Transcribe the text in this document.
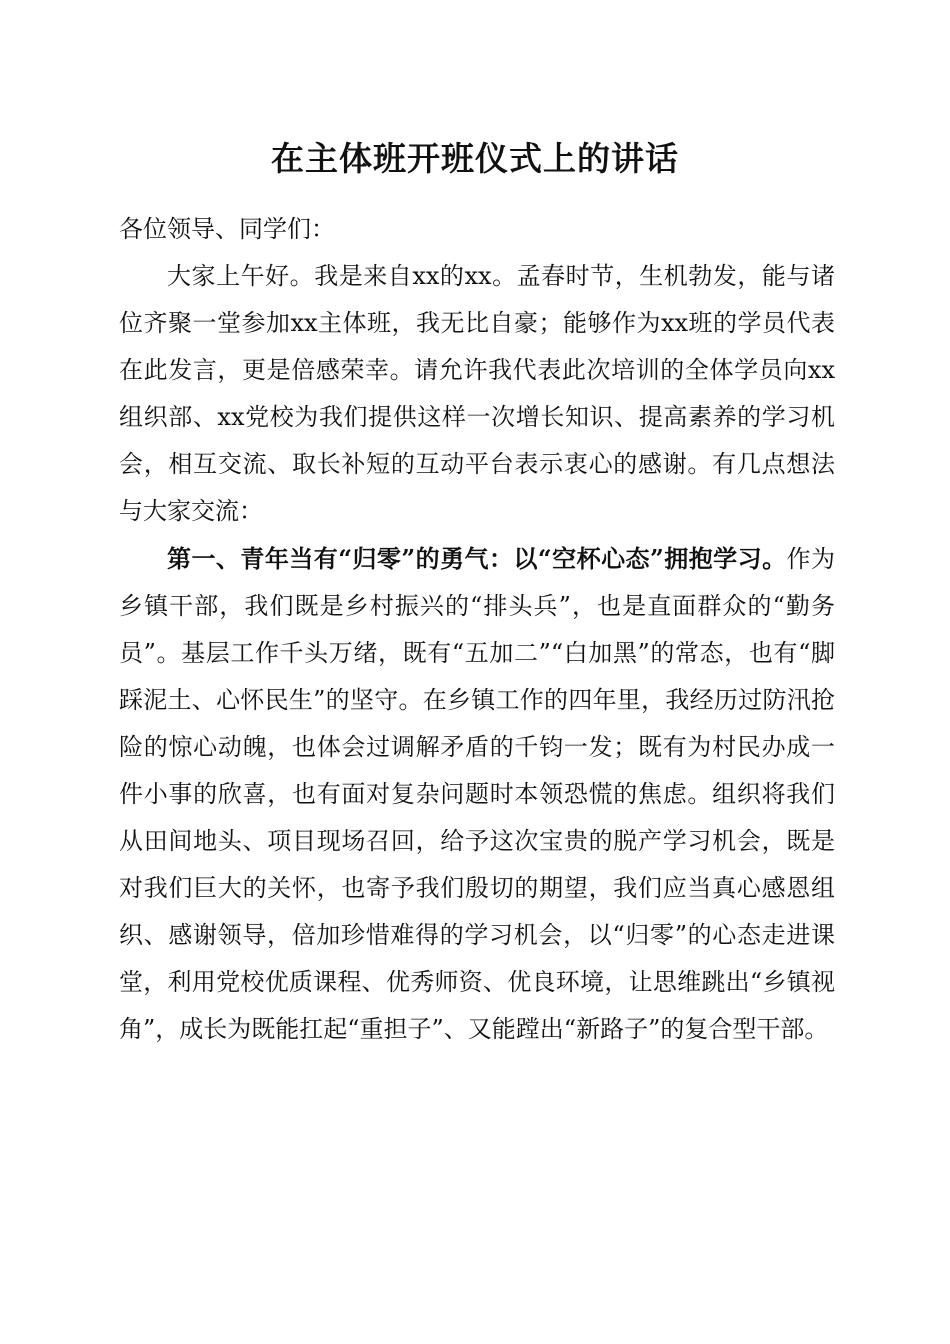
在主体班开班仪式上的讲话

各位领导、同学们：

大家上午好。我是来自xx的xx。孟春时节，生机勃发，能与诸位齐聚一堂参加xx主体班，我无比自豪；能够作为xx班的学员代表在此发言，更是倍感荣幸。请允许我代表此次培训的全体学员向xx组织部、xx党校为我们提供这样一次增长知识、提高素养的学习机会，相互交流、取长补短的互动平台表示衷心的感谢。有几点想法与大家交流：

第一、青年当有“归零”的勇气：以“空杯心态”拥抱学习。作为乡镇干部，我们既是乡村振兴的“排头兵”，也是直面群众的“勤务员”。基层工作千头万绪，既有“五加二”“白加黑”的常态，也有“脚踩泥土、心怀民生”的坚守。在乡镇工作的四年里，我经历过防汛抢险的惊心动魄，也体会过调解矛盾的千钧一发；既有为村民办成一件小事的欣喜，也有面对复杂问题时本领恐慌的焦虑。组织将我们从田间地头、项目现场召回，给予这次宝贵的脱产学习机会，既是对我们巨大的关怀，也寄予我们殷切的期望，我们应当真心感恩组织、感谢领导，倍加珍惜难得的学习机会，以“归零”的心态走进课堂，利用党校优质课程、优秀师资、优良环境，让思维跳出“乡镇视角”，成长为既能扛起“重担子”、又能蹚出“新路子”的复合型干部。
